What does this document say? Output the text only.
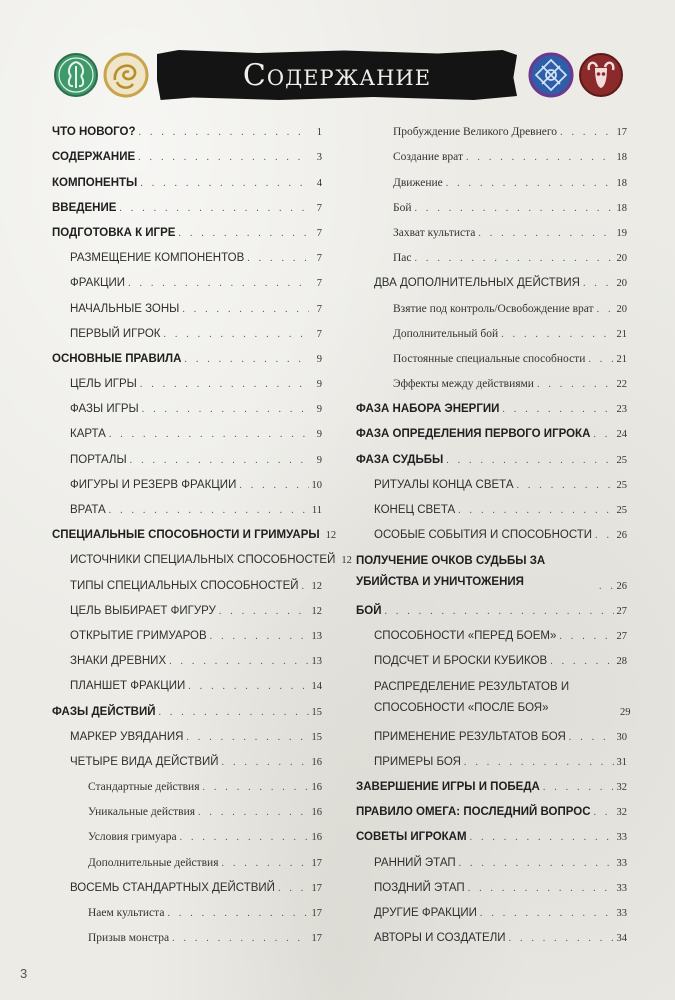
Содержание
ЧТО НОВОГО? . . .	1
СОДЕРЖАНИЕ . . .	3
КОМПОНЕНТЫ . . .	4
ВВЕДЕНИЕ . . .	7
ПОДГОТОВКА К ИГРЕ . . .	7
РАЗМЕЩЕНИЕ КОМПОНЕНТОВ . . .	7
ФРАКЦИИ . . .	7
НАЧАЛЬНЫЕ ЗОНЫ . . .	7
ПЕРВЫЙ ИГРОК . . .	7
ОСНОВНЫЕ ПРАВИЛА . . .	9
ЦЕЛЬ ИГРЫ . . .	9
ФАЗЫ ИГРЫ . . .	9
КАРТА . . .	9
ПОРТАЛЫ . . .	9
ФИГУРЫ И РЕЗЕРВ ФРАКЦИИ . . .	10
ВРАТА . . .	11
СПЕЦИАЛЬНЫЕ СПОСОБНОСТИ И ГРИМУАРЫ 12
ИСТОЧНИКИ СПЕЦИАЛЬНЫХ СПОСОБНОСТЕЙ 12
ТИПЫ СПЕЦИАЛЬНЫХ СПОСОБНОСТЕЙ . . . 12
ЦЕЛЬ ВЫБИРАЕТ ФИГУРУ . . .	12
ОТКРЫТИЕ ГРИМУАРОВ . . .	13
ЗНАКИ ДРЕВНИХ . . .	13
ПЛАНШЕТ ФРАКЦИИ . . .	14
ФАЗЫ ДЕЙСТВИЙ . . .	15
МАРКЕР УВЯДАНИЯ . . .	15
ЧЕТЫРЕ ВИДА ДЕЙСТВИЙ . . .	16
Стандартные действия . . .	16
Уникальные действия . . .	16
Условия гримуара . . .	16
Дополнительные действия . . .	17
ВОСЕМЬ СТАНДАРТНЫХ ДЕЙСТВИЙ . . .	17
Наем культиста . . .	17
Призыв монстра . . .	17
Пробуждение Великого Древнего . . .	17
Создание врат . . .	18
Движение . . .	18
Бой . . .	18
Захват культиста . . .	19
Пас . . .	20
ДВА ДОПОЛНИТЕЛЬНЫХ ДЕЙСТВИЯ . . .	20
Взятие под контроль/Освобождение врат . . . 20
Дополнительный бой . . .	21
Постоянные специальные способности . . .	21
Эффекты между действиями . . .	22
ФАЗА НАБОРА ЭНЕРГИИ . . .	23
ФАЗА ОПРЕДЕЛЕНИЯ ПЕРВОГО ИГРОКА . . . 24
ФАЗА СУДЬБЫ . . .	25
РИТУАЛЫ КОНЦА СВЕТА . . .	25
КОНЕЦ СВЕТА . . .	25
ОСОБЫЕ СОБЫТИЯ И СПОСОБНОСТИ . . . 26
ПОЛУЧЕНИЕ ОЧКОВ СУДЬБЫ ЗА УБИЙСТВА И УНИЧТОЖЕНИЯ . . .	26
БОЙ . . .	27
СПОСОБНОСТИ «ПЕРЕД БОЕМ» . . .	27
ПОДСЧЕТ И БРОСКИ КУБИКОВ . . .	28
РАСПРЕДЕЛЕНИЕ РЕЗУЛЬТАТОВ И СПОСОБНОСТИ «ПОСЛЕ БОЯ»	29
ПРИМЕНЕНИЕ РЕЗУЛЬТАТОВ БОЯ . . .	30
ПРИМЕРЫ БОЯ . . .	31
ЗАВЕРШЕНИЕ ИГРЫ И ПОБЕДА . . .	32
ПРАВИЛО ОМЕГА: ПОСЛЕДНИЙ ВОПРОС . . . 32
СОВЕТЫ ИГРОКАМ . . .	33
РАННИЙ ЭТАП . . .	33
ПОЗДНИЙ ЭТАП . . .	33
ДРУГИЕ ФРАКЦИИ . . .	33
АВТОРЫ И СОЗДАТЕЛИ . . .	34
3
